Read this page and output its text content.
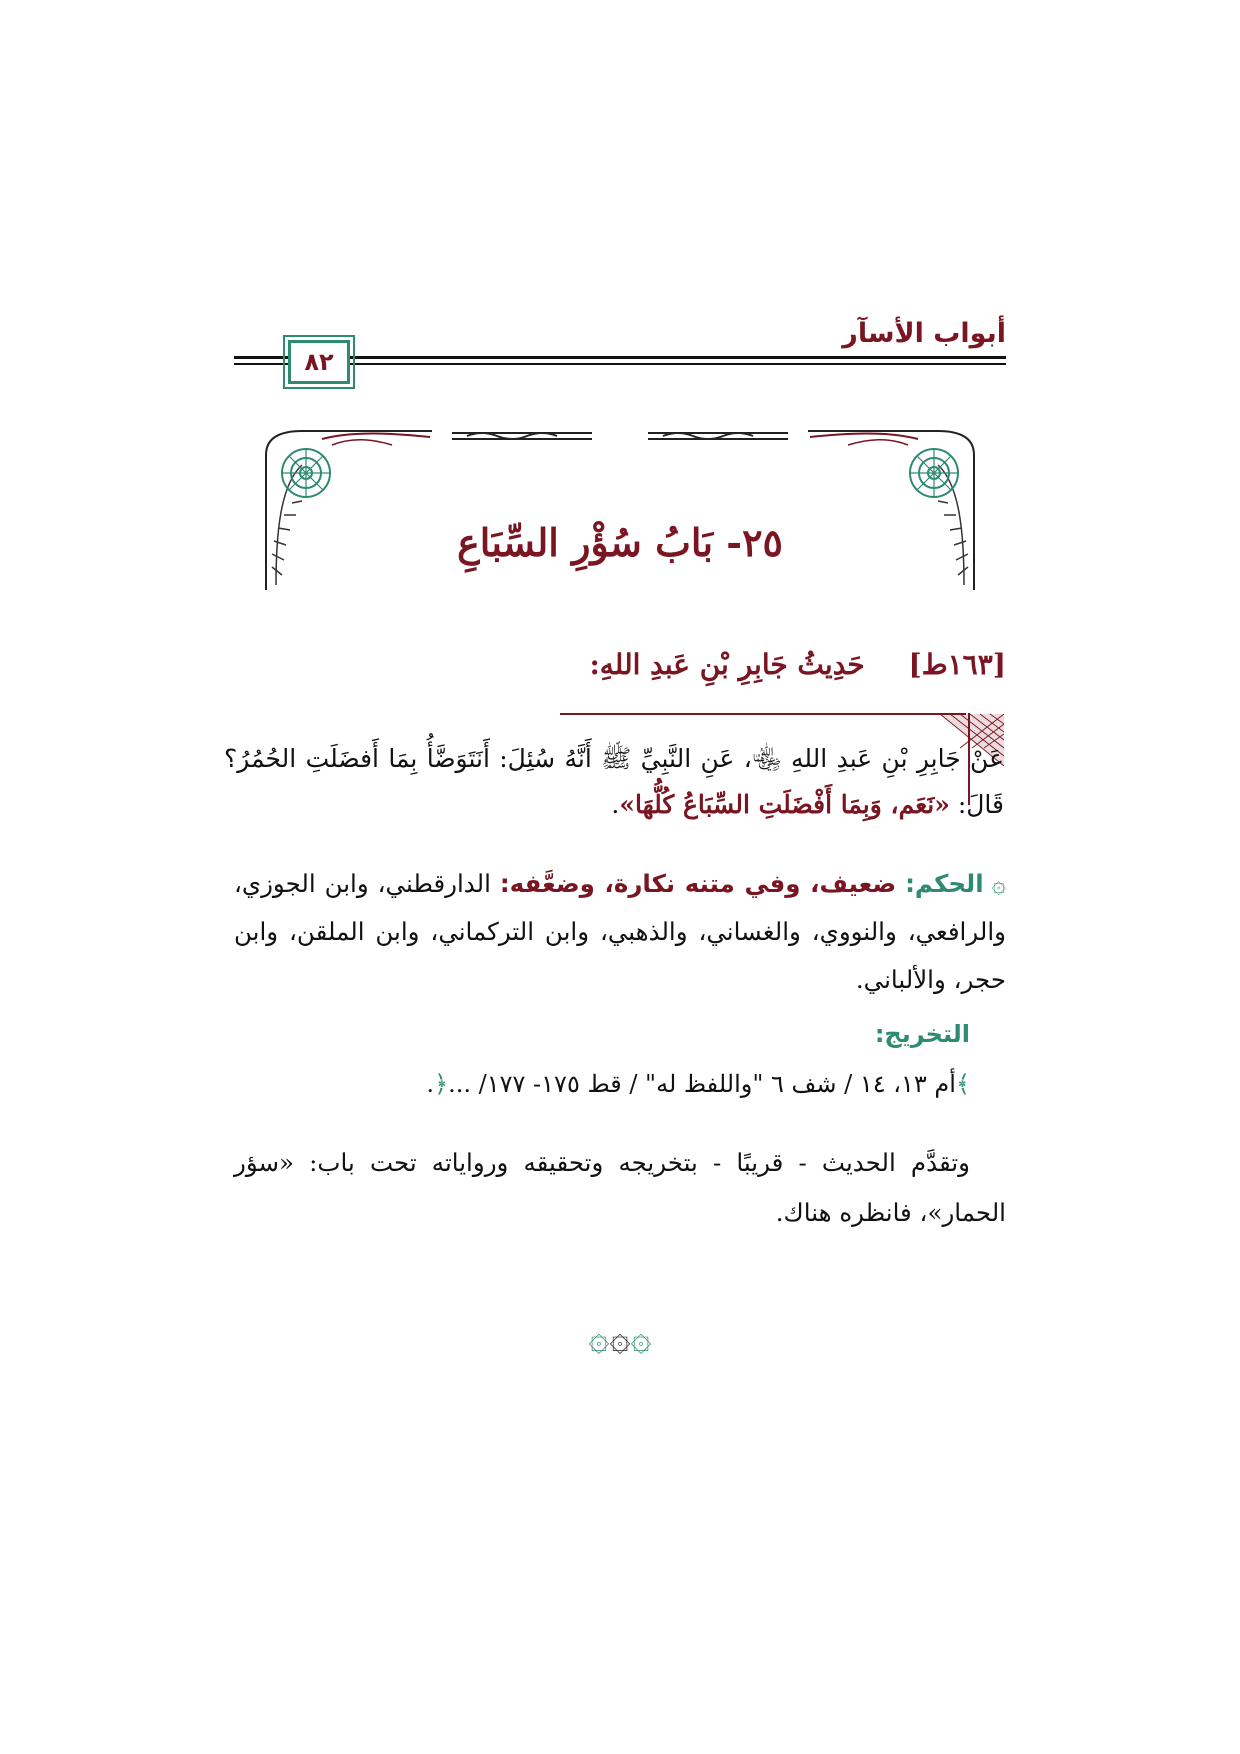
أبواب الأسآر
٨٢
٢٥- بَابُ سُؤْرِ السِّبَاعِ
[١٦٣ط] حَدِيثُ جَابِرِ بْنِ عَبدِ اللهِ:
عَنْ جَابِرِ بْنِ عَبدِ اللهِ ﵄، عَنِ النَّبِيِّ ﷺ أَنَّهُ سُئِلَ: أَنَتَوَضَّأُ بِمَا أَفضَلَتِ الحُمُرُ؟ قَالَ: «نَعَم، وَبِمَا أَفْضَلَتِ السِّبَاعُ كُلُّهَا».
۞الحكم: ضعيف، وفي متنه نكارة، وضعَّفه: الدارقطني، وابن الجوزي، والرافعي، والنووي، والغساني، والذهبي، وابن التركماني، وابن الملقن، وابن حجر، والألباني.
التخريج:
﴾أم ١٣، ١٤ / شف ٦ "واللفظ له" / قط ١٧٥- ١٧٧/ ...﴿.
وتقدَّم الحديث - قريبًا - بتخريجه وتحقيقه ورواياته تحت باب: «سؤر الحمار»، فانظره هناك.
۞۞۞
